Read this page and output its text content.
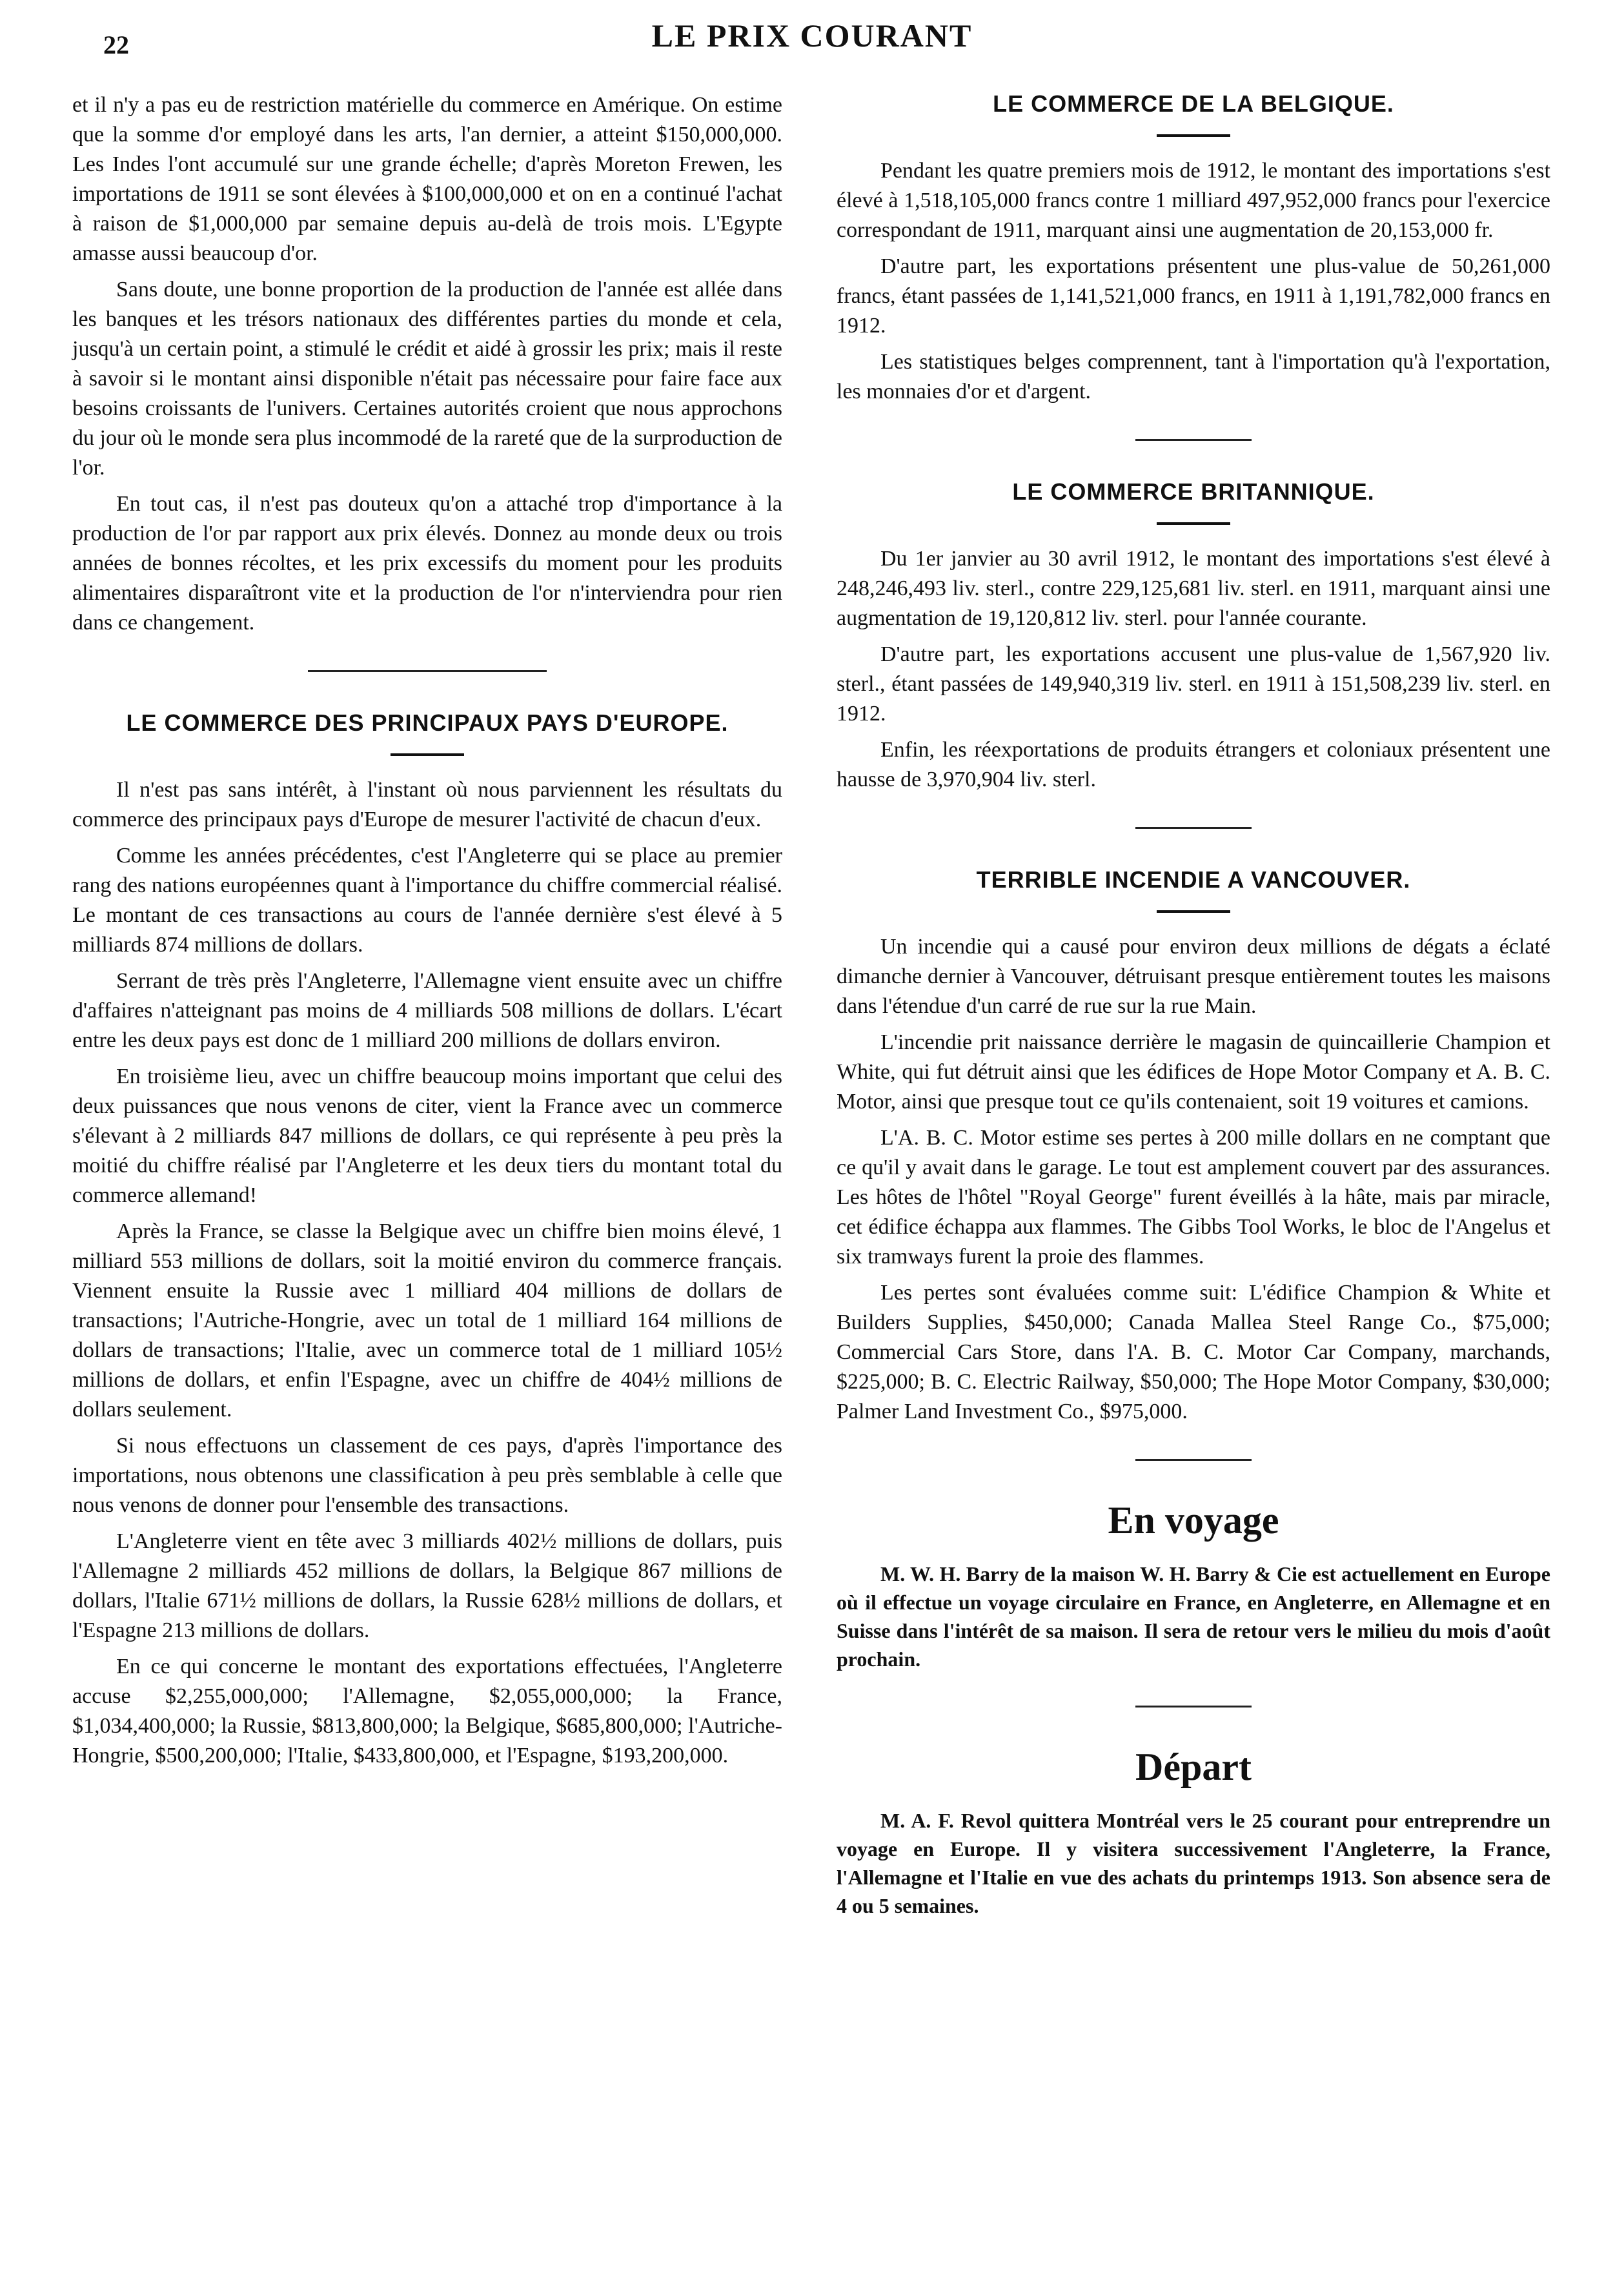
22	LE PRIX COURANT

et il n'y a pas eu de restriction matérielle du commerce en Amérique. On estime que la somme d'or employé dans les arts, l'an dernier, a atteint $150,000,000. Les Indes l'ont accumulé sur une grande échelle; d'après Moreton Frewen, les importations de 1911 se sont élevées à $100,000,000 et on en a continué l'achat à raison de $1,000,000 par semaine depuis au-delà de trois mois. L'Egypte amasse aussi beaucoup d'or.

Sans doute, une bonne proportion de la production de l'année est allée dans les banques et les trésors nationaux des différentes parties du monde et cela, jusqu'à un certain point, a stimulé le crédit et aidé à grossir les prix; mais il reste à savoir si le montant ainsi disponible n'était pas nécessaire pour faire face aux besoins croissants de l'univers. Certaines autorités croient que nous approchons du jour où le monde sera plus incommodé de la rareté que de la surproduction de l'or.

En tout cas, il n'est pas douteux qu'on a attaché trop d'importance à la production de l'or par rapport aux prix élevés. Donnez au monde deux ou trois années de bonnes récoltes, et les prix excessifs du moment pour les produits alimentaires disparaîtront vite et la production de l'or n'interviendra pour rien dans ce changement.

LE COMMERCE DES PRINCIPAUX PAYS D'EUROPE.

Il n'est pas sans intérêt, à l'instant où nous parviennent les résultats du commerce des principaux pays d'Europe de mesurer l'activité de chacun d'eux.

Comme les années précédentes, c'est l'Angleterre qui se place au premier rang des nations européennes quant à l'importance du chiffre commercial réalisé. Le montant de ces transactions au cours de l'année dernière s'est élevé à 5 milliards 874 millions de dollars.

Serrant de très près l'Angleterre, l'Allemagne vient ensuite avec un chiffre d'affaires n'atteignant pas moins de 4 milliards 508 millions de dollars. L'écart entre les deux pays est donc de 1 milliard 200 millions de dollars environ.

En troisième lieu, avec un chiffre beaucoup moins important que celui des deux puissances que nous venons de citer, vient la France avec un commerce s'élevant à 2 milliards 847 millions de dollars, ce qui représente à peu près la moitié du chiffre réalisé par l'Angleterre et les deux tiers du montant total du commerce allemand!

Après la France, se classe la Belgique avec un chiffre bien moins élevé, 1 milliard 553 millions de dollars, soit la moitié environ du commerce français. Viennent ensuite la Russie avec 1 milliard 404 millions de dollars de transactions; l'Autriche-Hongrie, avec un total de 1 milliard 164 millions de dollars de transactions; l'Italie, avec un commerce total de 1 milliard 105½ millions de dollars, et enfin l'Espagne, avec un chiffre de 404½ millions de dollars seulement.

Si nous effectuons un classement de ces pays, d'après l'importance des importations, nous obtenons une classification à peu près semblable à celle que nous venons de donner pour l'ensemble des transactions.

L'Angleterre vient en tête avec 3 milliards 402½ millions de dollars, puis l'Allemagne 2 milliards 452 millions de dollars, la Belgique 867 millions de dollars, l'Italie 671½ millions de dollars, la Russie 628½ millions de dollars, et l'Espagne 213 millions de dollars.

En ce qui concerne le montant des exportations effectuées, l'Angleterre accuse $2,255,000,000; l'Allemagne, $2,055,000,000; la France, $1,034,400,000; la Russie, $813,800,000; la Belgique, $685,800,000; l'Autriche-Hongrie, $500,200,000; l'Italie, $433,800,000, et l'Espagne, $193,200,000.

LE COMMERCE DE LA BELGIQUE.

Pendant les quatre premiers mois de 1912, le montant des importations s'est élevé à 1,518,105,000 francs contre 1 milliard 497,952,000 francs pour l'exercice correspondant de 1911, marquant ainsi une augmentation de 20,153,000 fr.

D'autre part, les exportations présentent une plus-value de 50,261,000 francs, étant passées de 1,141,521,000 francs, en 1911 à 1,191,782,000 francs en 1912.

Les statistiques belges comprennent, tant à l'importation qu'à l'exportation, les monnaies d'or et d'argent.

LE COMMERCE BRITANNIQUE.

Du 1er janvier au 30 avril 1912, le montant des importations s'est élevé à 248,246,493 liv. sterl., contre 229,125,681 liv. sterl. en 1911, marquant ainsi une augmentation de 19,120,812 liv. sterl. pour l'année courante.

D'autre part, les exportations accusent une plus-value de 1,567,920 liv. sterl., étant passées de 149,940,319 liv. sterl. en 1911 à 151,508,239 liv. sterl. en 1912.

Enfin, les réexportations de produits étrangers et coloniaux présentent une hausse de 3,970,904 liv. sterl.

TERRIBLE INCENDIE A VANCOUVER.

Un incendie qui a causé pour environ deux millions de dégats a éclaté dimanche dernier à Vancouver, détruisant presque entièrement toutes les maisons dans l'étendue d'un carré de rue sur la rue Main.

L'incendie prit naissance derrière le magasin de quincaillerie Champion et White, qui fut détruit ainsi que les édifices de Hope Motor Company et A. B. C. Motor, ainsi que presque tout ce qu'ils contenaient, soit 19 voitures et camions.

L'A. B. C. Motor estime ses pertes à 200 mille dollars en ne comptant que ce qu'il y avait dans le garage. Le tout est amplement couvert par des assurances. Les hôtes de l'hôtel "Royal George" furent éveillés à la hâte, mais par miracle, cet édifice échappa aux flammes. The Gibbs Tool Works, le bloc de l'Angelus et six tramways furent la proie des flammes.

Les pertes sont évaluées comme suit: L'édifice Champion & White et Builders Supplies, $450,000; Canada Mallea Steel Range Co., $75,000; Commercial Cars Store, dans l'A. B. C. Motor Car Company, marchands, $225,000; B. C. Electric Railway, $50,000; The Hope Motor Company, $30,000; Palmer Land Investment Co., $975,000.

En voyage

M. W. H. Barry de la maison W. H. Barry & Cie est actuellement en Europe où il effectue un voyage circulaire en France, en Angleterre, en Allemagne et en Suisse dans l'intérêt de sa maison. Il sera de retour vers le milieu du mois d'août prochain.

Départ

M. A. F. Revol quittera Montréal vers le 25 courant pour entreprendre un voyage en Europe. Il y visitera successivement l'Angleterre, la France, l'Allemagne et l'Italie en vue des achats du printemps 1913. Son absence sera de 4 ou 5 semaines.
